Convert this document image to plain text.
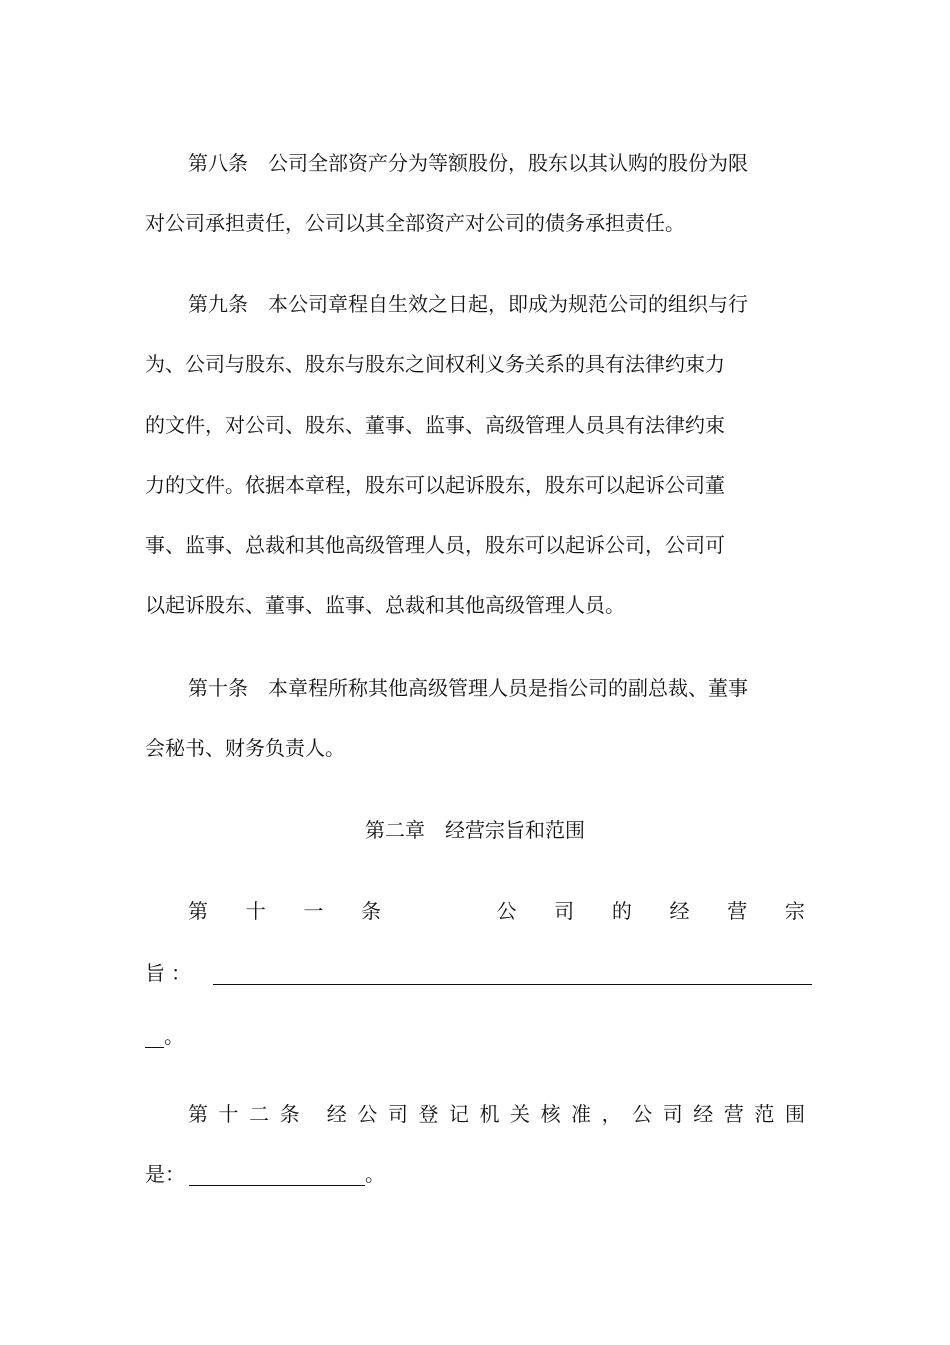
第八条 公司全部资产分为等额股份，股东以其认购的股份为限
对公司承担责任，公司以其全部资产对公司的债务承担责任。
第九条 本公司章程自生效之日起，即成为规范公司的组织与行
为、公司与股东、股东与股东之间权利义务关系的具有法律约束力
的文件，对公司、股东、董事、监事、高级管理人员具有法律约束
力的文件。依据本章程，股东可以起诉股东，股东可以起诉公司董
事、监事、总裁和其他高级管理人员，股东可以起诉公司，公司可
以起诉股东、董事、监事、总裁和其他高级管理人员。
第十条 本章程所称其他高级管理人员是指公司的副总裁、董事
会秘书、财务负责人。
第二章　经营宗旨和范围
第 十 一 条	公 司 的 经 营 宗
旨：
。
第 十 二 条 经 公 司 登 记 机 关 核 准 ， 公 司 经 营 范 围
是：	。
